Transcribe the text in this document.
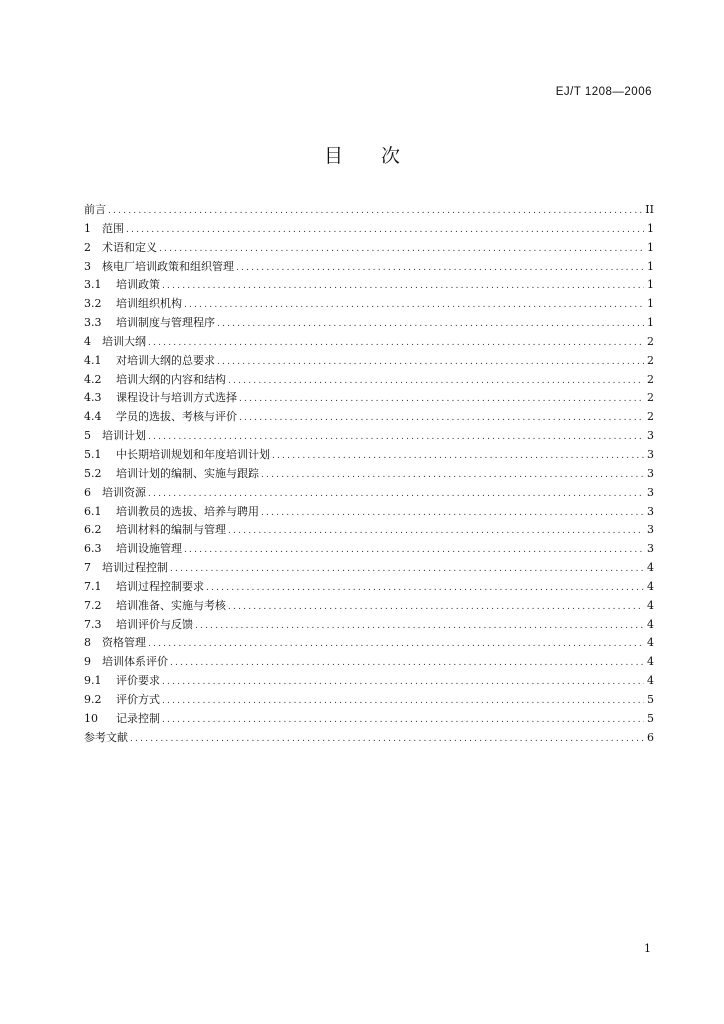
EJ/T 1208—2006
目 次
前言 .....	II
1	范围 .....	1
2	术语和定义 .....	1
3	核电厂培训政策和组织管理 .....	1
3.1	培训政策 .....	1
3.2	培训组织机构 .....	1
3.3	培训制度与管理程序 .....	1
4	培训大纲 .....	2
4.1	对培训大纲的总要求 .....	2
4.2	培训大纲的内容和结构 .....	2
4.3	课程设计与培训方式选择 .....	2
4.4	学员的选拔、考核与评价 .....	2
5	培训计划 .....	3
5.1	中长期培训规划和年度培训计划 .....	3
5.2	培训计划的编制、实施与跟踪 .....	3
6	培训资源 .....	3
6.1	培训教员的选拔、培养与聘用 .....	3
6.2	培训材料的编制与管理 .....	3
6.3	培训设施管理 .....	3
7	培训过程控制 .....	4
7.1	培训过程控制要求 .....	4
7.2	培训准备、实施与考核 .....	4
7.3	培训评价与反馈 .....	4
8	资格管理 .....	4
9	培训体系评价 .....	4
9.1	评价要求 .....	4
9.2	评价方式 .....	5
10	记录控制 .....	5
参考文献 .....	6
1
